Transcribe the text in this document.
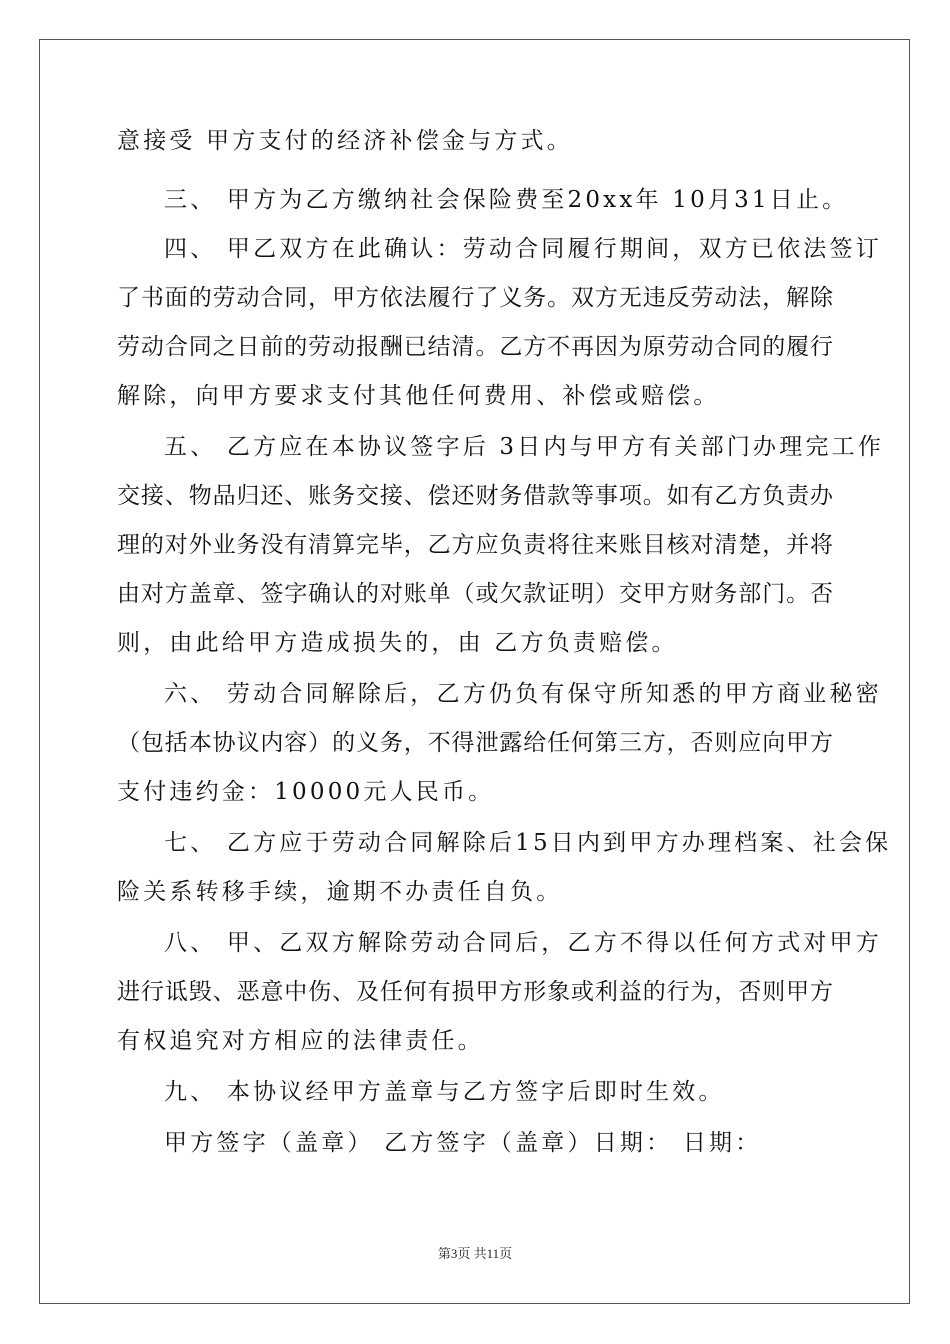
意接受 甲方支付的经济补偿金与方式。
三、 甲方为乙方缴纳社会保险费至20xx年 10月31日止。
四、 甲乙双方在此确认：劳动合同履行期间，双方已依法签订
了书面的劳动合同，甲方依法履行了义务。双方无违反劳动法，解除
劳动合同之日前的劳动报酬已结清。乙方不再因为原劳动合同的履行
解除，向甲方要求支付其他任何费用、补偿或赔偿。
五、 乙方应在本协议签字后 3日内与甲方有关部门办理完工作
交接、物品归还、账务交接、偿还财务借款等事项。如有乙方负责办
理的对外业务没有清算完毕，乙方应负责将往来账目核对清楚，并将
由对方盖章、签字确认的对账单（或欠款证明）交甲方财务部门。否
则，由此给甲方造成损失的，由 乙方负责赔偿。
六、 劳动合同解除后，乙方仍负有保守所知悉的甲方商业秘密
（包括本协议内容）的义务，不得泄露给任何第三方，否则应向甲方
支付违约金：10000元人民币。
七、 乙方应于劳动合同解除后15日内到甲方办理档案、社会保
险关系转移手续，逾期不办责任自负。
八、 甲、乙双方解除劳动合同后，乙方不得以任何方式对甲方
进行诋毁、恶意中伤、及任何有损甲方形象或利益的行为，否则甲方
有权追究对方相应的法律责任。
九、 本协议经甲方盖章与乙方签字后即时生效。
甲方签字（盖章） 乙方签字（盖章）日期： 日期：
第3页 共11页
